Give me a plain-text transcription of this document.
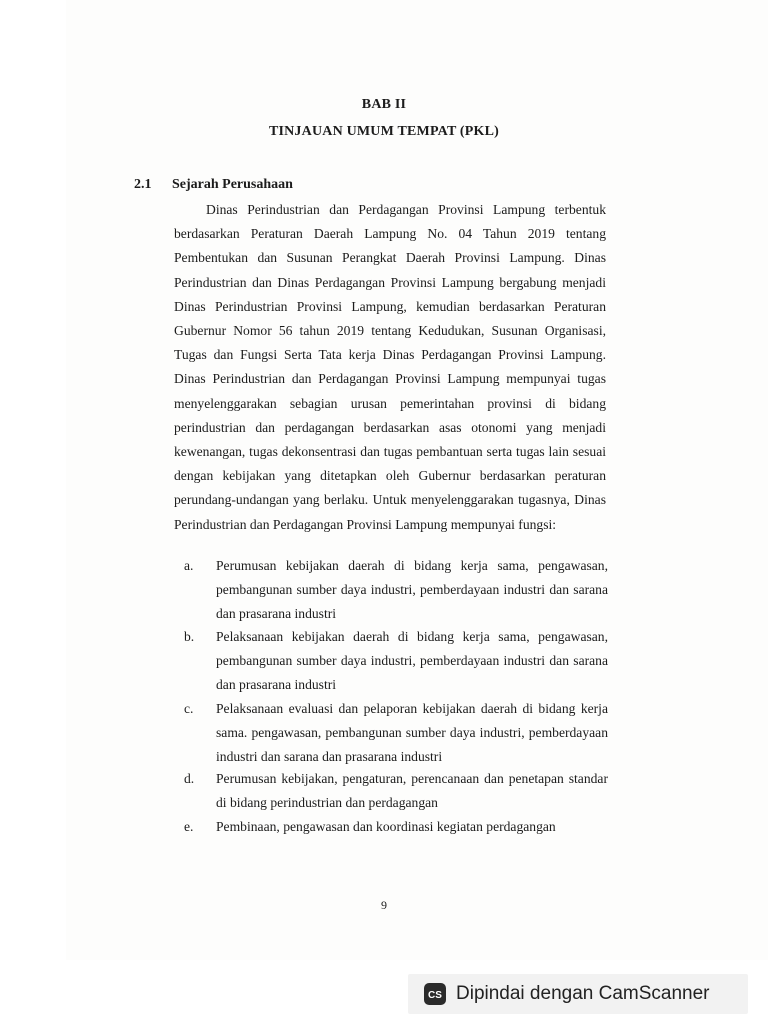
BAB II
TINJAUAN UMUM TEMPAT (PKL)
2.1 Sejarah Perusahaan

Dinas Perindustrian dan Perdagangan Provinsi Lampung terbentuk berdasarkan Peraturan Daerah Lampung No. 04 Tahun 2019 tentang Pembentukan dan Susunan Perangkat Daerah Provinsi Lampung. Dinas Perindustrian dan Dinas Perdagangan Provinsi Lampung bergabung menjadi Dinas Perindustrian Provinsi Lampung, kemudian berdasarkan Peraturan Gubernur Nomor 56 tahun 2019 tentang Kedudukan, Susunan Organisasi, Tugas dan Fungsi Serta Tata kerja Dinas Perdagangan Provinsi Lampung. Dinas Perindustrian dan Perdagangan Provinsi Lampung mempunyai tugas menyelenggarakan sebagian urusan pemerintahan provinsi di bidang perindustrian dan perdagangan berdasarkan asas otonomi yang menjadi kewenangan, tugas dekonsentrasi dan tugas pembantuan serta tugas lain sesuai dengan kebijakan yang ditetapkan oleh Gubernur berdasarkan peraturan perundang-undangan yang berlaku. Untuk menyelenggarakan tugasnya, Dinas Perindustrian dan Perdagangan Provinsi Lampung mempunyai fungsi:

a. Perumusan kebijakan daerah di bidang kerja sama, pengawasan, pembangunan sumber daya industri, pemberdayaan industri dan sarana dan prasarana industri
b. Pelaksanaan kebijakan daerah di bidang kerja sama, pengawasan, pembangunan sumber daya industri, pemberdayaan industri dan sarana dan prasarana industri
c. Pelaksanaan evaluasi dan pelaporan kebijakan daerah di bidang kerja sama. pengawasan, pembangunan sumber daya industri, pemberdayaan industri dan sarana dan prasarana industri
d. Perumusan kebijakan, pengaturan, perencanaan dan penetapan standar di bidang perindustrian dan perdagangan
e. Pembinaan, pengawasan dan koordinasi kegiatan perdagangan
9
CS Dipindai dengan CamScanner
